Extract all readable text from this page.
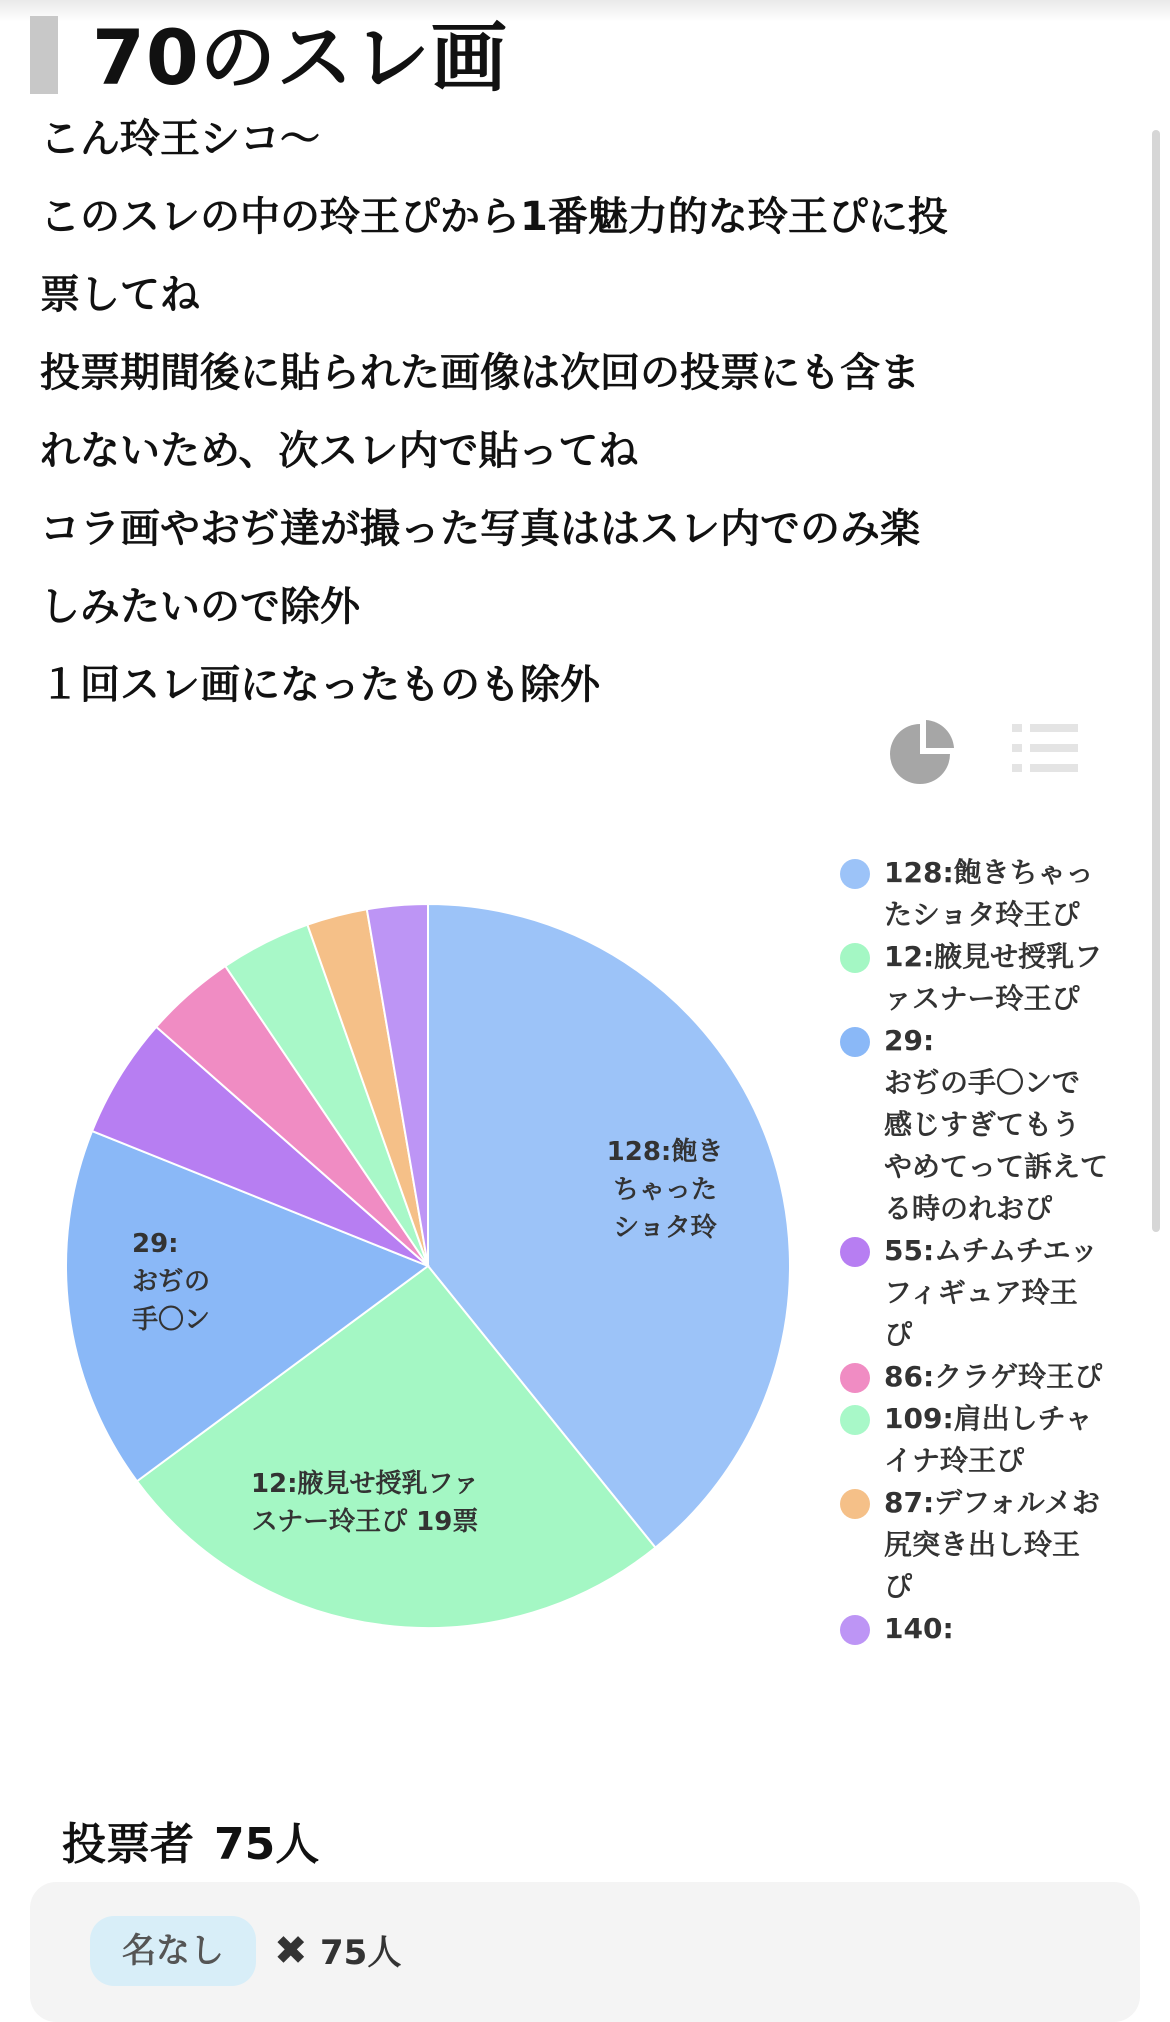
70のスレ画
こん玲王シコ〜
このスレの中の玲王ぴから1番魅力的な玲王ぴに投
票してね
投票期間後に貼られた画像は次回の投票にも含ま
れないため、次スレ内で貼ってね
コラ画やおぢ達が撮った写真ははスレ内でのみ楽
しみたいので除外
１回スレ画になったものも除外
128:飽きちゃったショタ玲
12:腋見せ授乳ファスナー玲王ぴ 19票
29:おぢの手〇ン
128:飽きちゃっ
たショタ玲王ぴ
12:腋見せ授乳フ
ァスナー玲王ぴ
29:
おぢの手〇ンで
感じすぎてもう
やめてって訴えて
る時のれおぴ
55:ムチムチエッ
フィギュア玲王
ぴ
86:クラゲ玲王ぴ
109:肩出しチャ
イナ玲王ぴ
87:デフォルメお
尻突き出し玲王
ぴ
140:
投票者 75人
名なし	✖ 75人
